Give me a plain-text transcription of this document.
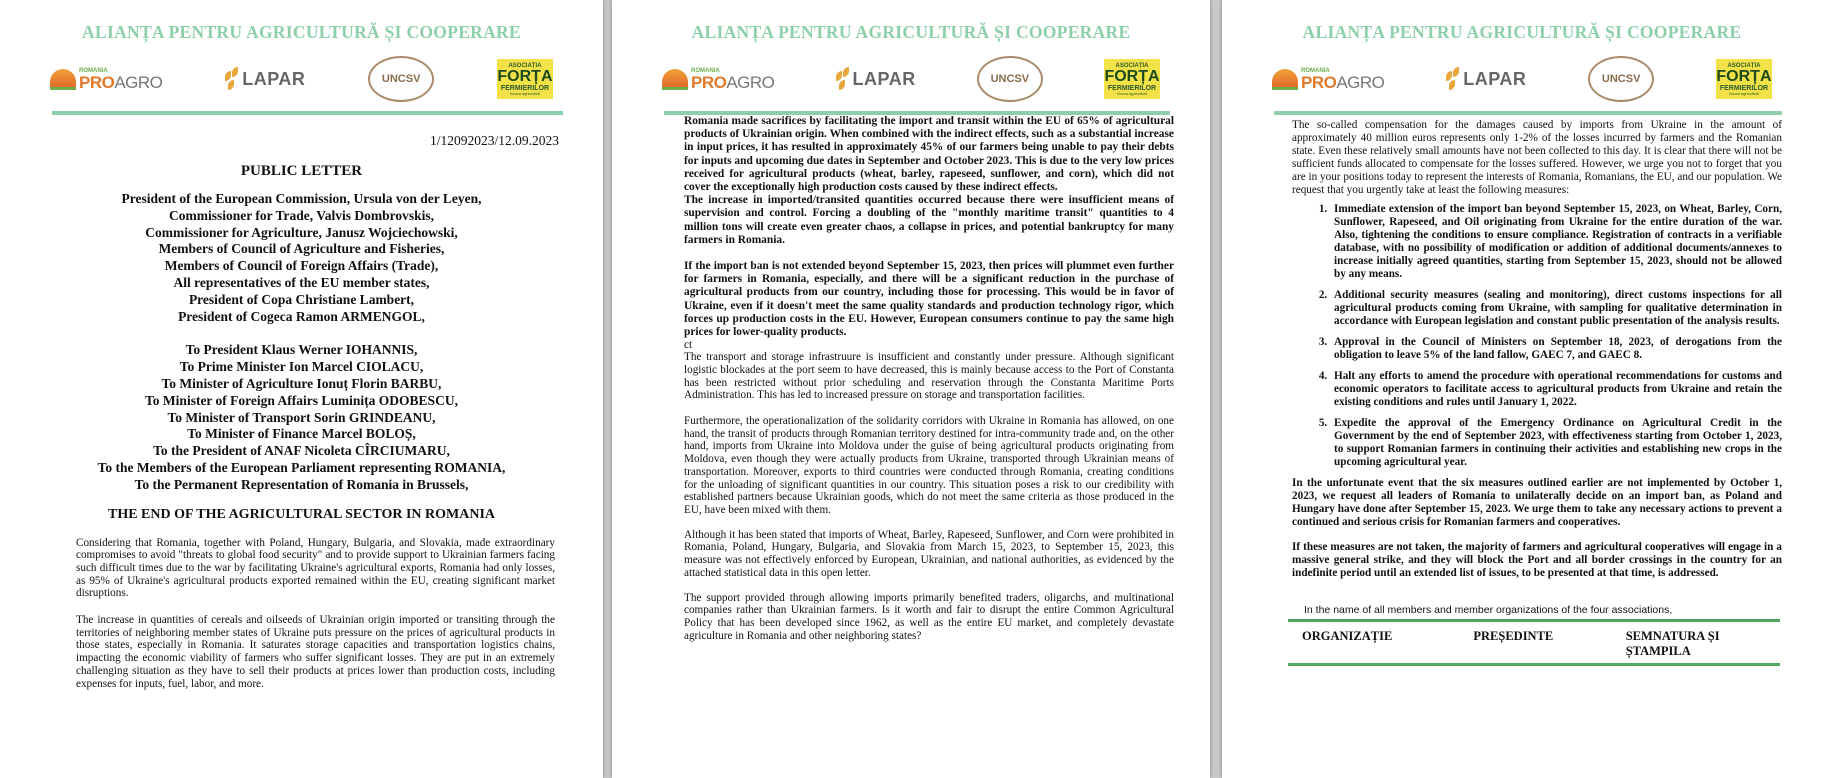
ALIANȚA PENTRU AGRICULTURĂ ȘI COOPERARE
ROMANIA
PROAGRO	LAPAR	UNCSV
ASOCIAȚIA
FORȚA
FERMIERILOR
Vocea agriculturii
1/12092023/12.09.2023
PUBLIC LETTER
President of the European Commission, Ursula von der Leyen,
Commissioner for Trade, Valvis Dombrovskis,
Commissioner for Agriculture, Janusz Wojciechowski,
Members of Council of Agriculture and Fisheries,
Members of Council of Foreign Affairs (Trade),
All representatives of the EU member states,
President of Copa Christiane Lambert,
President of Cogeca Ramon ARMENGOL,
To President Klaus Werner IOHANNIS,
To Prime Minister Ion Marcel CIOLACU,
To Minister of Agriculture Ionuț Florin BARBU,
To Minister of Foreign Affairs Luminița ODOBESCU,
To Minister of Transport Sorin GRINDEANU,
To Minister of Finance Marcel BOLOȘ,
To the President of ANAF Nicoleta CÎRCIUMARU,
To the Members of the European Parliament representing ROMANIA,
To the Permanent Representation of Romania in Brussels,
THE END OF THE AGRICULTURAL SECTOR IN ROMANIA

Considering that Romania, together with Poland, Hungary, Bulgaria, and Slovakia, made extraordinary compromises to avoid "threats to global food security" and to provide support to Ukrainian farmers facing such difficult times due to the war by facilitating Ukraine's agricultural exports, Romania had only losses, as 95% of Ukraine's agricultural products exported remained within the EU, creating significant market disruptions.

The increase in quantities of cereals and oilseeds of Ukrainian origin imported or transiting through the territories of neighboring member states of Ukraine puts pressure on the prices of agricultural products in those states, especially in Romania. It saturates storage capacities and transportation logistics chains, impacting the economic viability of farmers who suffer significant losses. They are put in an extremely challenging situation as they have to sell their products at prices lower than production costs, including expenses for inputs, fuel, labor, and more.

ALIANȚA PENTRU AGRICULTURĂ ȘI COOPERARE
ROMANIA
PROAGRO	LAPAR	UNCSV
ASOCIAȚIA
FORȚA
FERMIERILOR
Vocea agriculturii

Romania made sacrifices by facilitating the import and transit within the EU of 65% of agricultural products of Ukrainian origin. When combined with the indirect effects, such as a substantial increase in input prices, it has resulted in approximately 45% of our farmers being unable to pay their debts for inputs and upcoming due dates in September and October 2023. This is due to the very low prices received for agricultural products (wheat, barley, rapeseed, sunflower, and corn), which did not cover the exceptionally high production costs caused by these indirect effects.

The increase in imported/transited quantities occurred because there were insufficient means of supervision and control. Forcing a doubling of the "monthly maritime transit" quantities to 4 million tons will create even greater chaos, a collapse in prices, and potential bankruptcy for many farmers in Romania.

If the import ban is not extended beyond September 15, 2023, then prices will plummet even further for farmers in Romania, especially, and there will be a significant reduction in the purchase of agricultural products from our country, including those for processing. This would be in favor of Ukraine, even if it doesn't meet the same quality standards and production technology rigor, which forces up production costs in the EU. However, European consumers continue to pay the same high prices for lower-quality products.

ct

The transport and storage infrastruure is insufficient and constantly under pressure. Although significant logistic blockades at the port seem to have decreased, this is mainly because access to the Port of Constanta has been restricted without prior scheduling and reservation through the Constanta Maritime Ports Administration. This has led to increased pressure on storage and transportation facilities.

Furthermore, the operationalization of the solidarity corridors with Ukraine in Romania has allowed, on one hand, the transit of products through Romanian territory destined for intra-community trade and, on the other hand, imports from Ukraine into Moldova under the guise of being agricultural products originating from Moldova, even though they were actually products from Ukraine, transported through Ukrainian means of transportation. Moreover, exports to third countries were conducted through Romania, creating conditions for the unloading of significant quantities in our country. This situation poses a risk to our credibility with established partners because Ukrainian goods, which do not meet the same criteria as those produced in the EU, have been mixed with them.

Although it has been stated that imports of Wheat, Barley, Rapeseed, Sunflower, and Corn were prohibited in Romania, Poland, Hungary, Bulgaria, and Slovakia from March 15, 2023, to September 15, 2023, this measure was not effectively enforced by European, Ukrainian, and national authorities, as evidenced by the attached statistical data in this open letter.

The support provided through allowing imports primarily benefited traders, oligarchs, and multinational companies rather than Ukrainian farmers. Is it worth and fair to disrupt the entire Common Agricultural Policy that has been developed since 1962, as well as the entire EU market, and completely devastate agriculture in Romania and other neighboring states?

ALIANȚA PENTRU AGRICULTURĂ ȘI COOPERARE
ROMANIA
PROAGRO	LAPAR	UNCSV
ASOCIAȚIA
FORȚA
FERMIERILOR
Vocea agriculturii

The so-called compensation for the damages caused by imports from Ukraine in the amount of approximately 40 million euros represents only 1-2% of the losses incurred by farmers and the Romanian state. Even these relatively small amounts have not been collected to this day. It is clear that there will not be sufficient funds allocated to compensate for the losses suffered. However, we urge you not to forget that you are in your positions today to represent the interests of Romania, Romanians, the EU, and our population. We request that you urgently take at least the following measures:

1. Immediate extension of the import ban beyond September 15, 2023, on Wheat, Barley, Corn, Sunflower, Rapeseed, and Oil originating from Ukraine for the entire duration of the war. Also, tightening the conditions to ensure compliance. Registration of contracts in a verifiable database, with no possibility of modification or addition of additional documents/annexes to increase initially agreed quantities, starting from September 15, 2023, should not be allowed by any means.
2. Additional security measures (sealing and monitoring), direct customs inspections for all agricultural products coming from Ukraine, with sampling for qualitative determination in accordance with European legislation and constant public presentation of the analysis results.
3. Approval in the Council of Ministers on September 18, 2023, of derogations from the obligation to leave 5% of the land fallow, GAEC 7, and GAEC 8.
4. Halt any efforts to amend the procedure with operational recommendations for customs and economic operators to facilitate access to agricultural products from Ukraine and retain the existing conditions and rules until January 1, 2022.
5. Expedite the approval of the Emergency Ordinance on Agricultural Credit in the Government by the end of September 2023, with effectiveness starting from October 1, 2023, to support Romanian farmers in continuing their activities and establishing new crops in the upcoming agricultural year.

In the unfortunate event that the six measures outlined earlier are not implemented by October 1, 2023, we request all leaders of Romania to unilaterally decide on an import ban, as Poland and Hungary have done after September 15, 2023. We urge them to take any necessary actions to prevent a continued and serious crisis for Romanian farmers and cooperatives.

If these measures are not taken, the majority of farmers and agricultural cooperatives will engage in a massive general strike, and they will block the Port and all border crossings in the country for an indefinite period until an extended list of issues, to be presented at that time, is addressed.

In the name of all members and member organizations of the four associations,
ORGANIZAȚIE	PREȘEDINTE	SEMNATURA ȘI ȘTAMPILA
